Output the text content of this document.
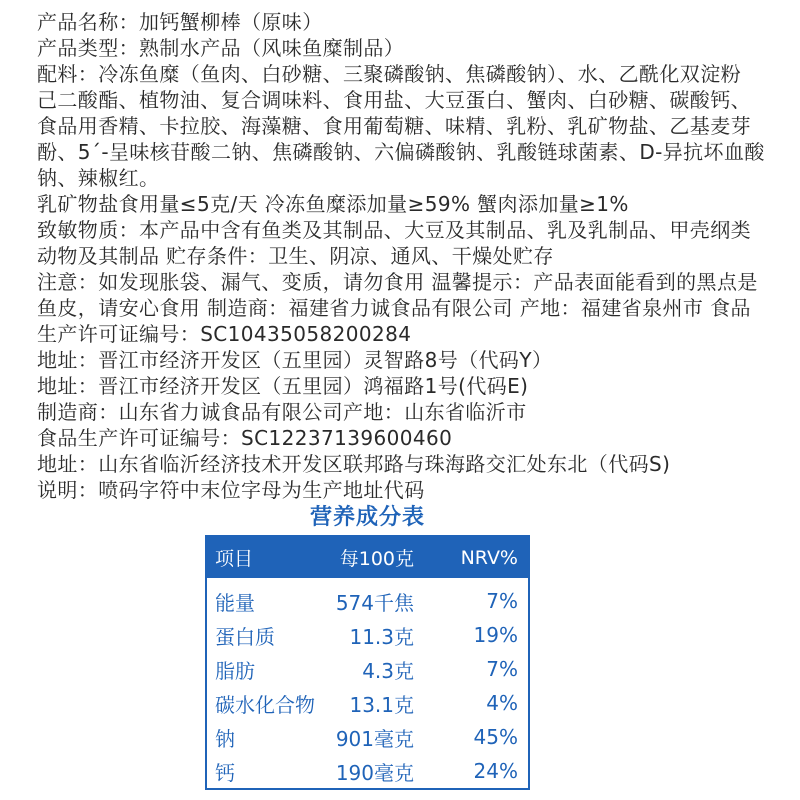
产品名称：加钙蟹柳棒（原味）
产品类型：熟制水产品（风味鱼糜制品）
配料：冷冻鱼糜（鱼肉、白砂糖、三聚磷酸钠、焦磷酸钠）、水、乙酰化双淀粉
己二酸酯、植物油、复合调味料、食用盐、大豆蛋白、蟹肉、白砂糖、碳酸钙、
食品用香精、卡拉胶、海藻糖、食用葡萄糖、味精、乳粉、乳矿物盐、乙基麦芽
酚、5´-呈味核苷酸二钠、焦磷酸钠、六偏磷酸钠、乳酸链球菌素、D-异抗坏血酸
钠、辣椒红。
乳矿物盐食用量≤5克/天 冷冻鱼糜添加量≥59% 蟹肉添加量≥1%
致敏物质：本产品中含有鱼类及其制品、大豆及其制品、乳及乳制品、甲壳纲类
动物及其制品 贮存条件：卫生、阴凉、通风、干燥处贮存
注意：如发现胀袋、漏气、变质，请勿食用 温馨提示：产品表面能看到的黑点是
鱼皮，请安心食用 制造商：福建省力诚食品有限公司 产地：福建省泉州市 食品
生产许可证编号：SC10435058200284
地址：晋江市经济开发区（五里园）灵智路8号（代码Y）
地址：晋江市经济开发区（五里园）鸿福路1号(代码E)
制造商：山东省力诚食品有限公司产地：山东省临沂市
食品生产许可证编号：SC12237139600460
地址：山东省临沂经济技术开发区联邦路与珠海路交汇处东北（代码S)
说明：喷码字符中末位字母为生产地址代码
营养成分表
项目	每100克	NRV%
能量	574千焦	7%
蛋白质	11.3克	19%
脂肪	4.3克	7%
碳水化合物	13.1克	4%
钠	901毫克	45%
钙	190毫克	24%
